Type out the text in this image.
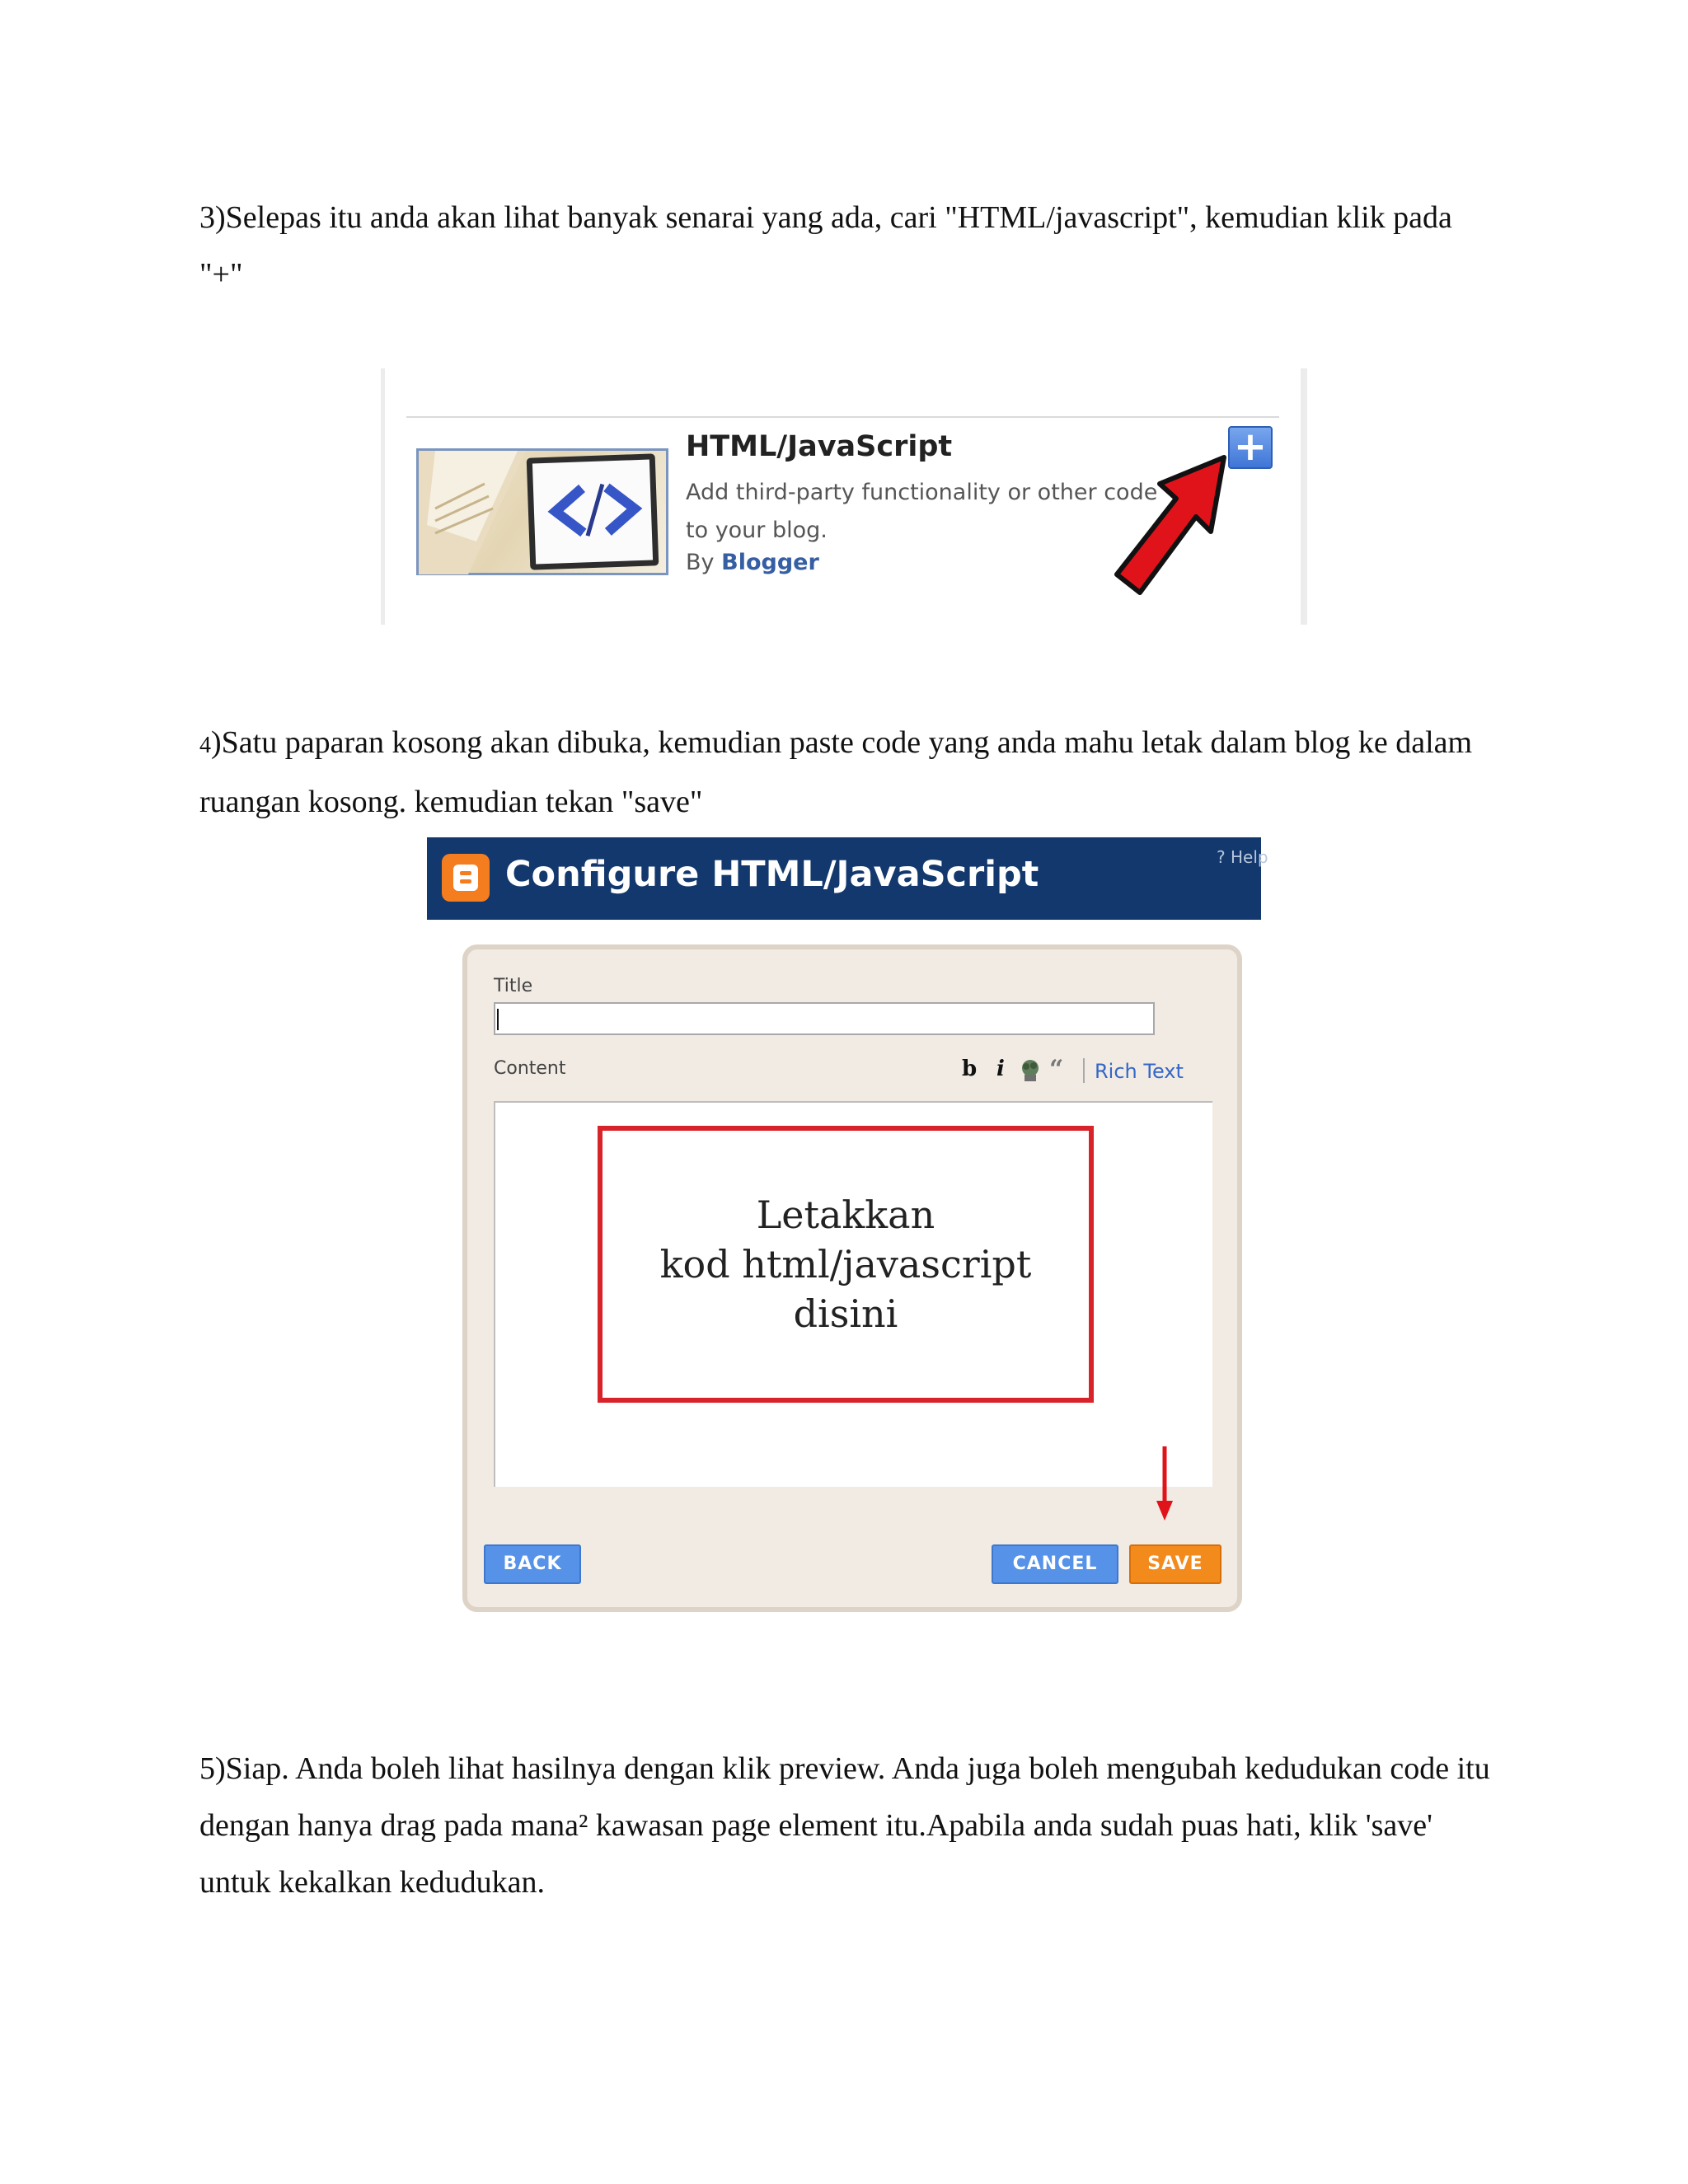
3)Selepas itu anda akan lihat banyak senarai yang ada, cari "HTML/javascript", kemudian klik pada "+"

HTML/JavaScript
Add third-party functionality or other code to your blog.
By Blogger
+

4)Satu paparan kosong akan dibuka, kemudian paste code yang anda mahu letak dalam blog ke dalam ruangan kosong. kemudian tekan "save"

Configure HTML/JavaScript	? Help
Title
Content	b i “ Rich Text
Letakkan
kod html/javascript
disini
BACK	CANCEL	SAVE

5)Siap. Anda boleh lihat hasilnya dengan klik preview. Anda juga boleh mengubah kedudukan code itu dengan hanya drag pada mana² kawasan page element itu.Apabila anda sudah puas hati, klik 'save' untuk kekalkan kedudukan.
